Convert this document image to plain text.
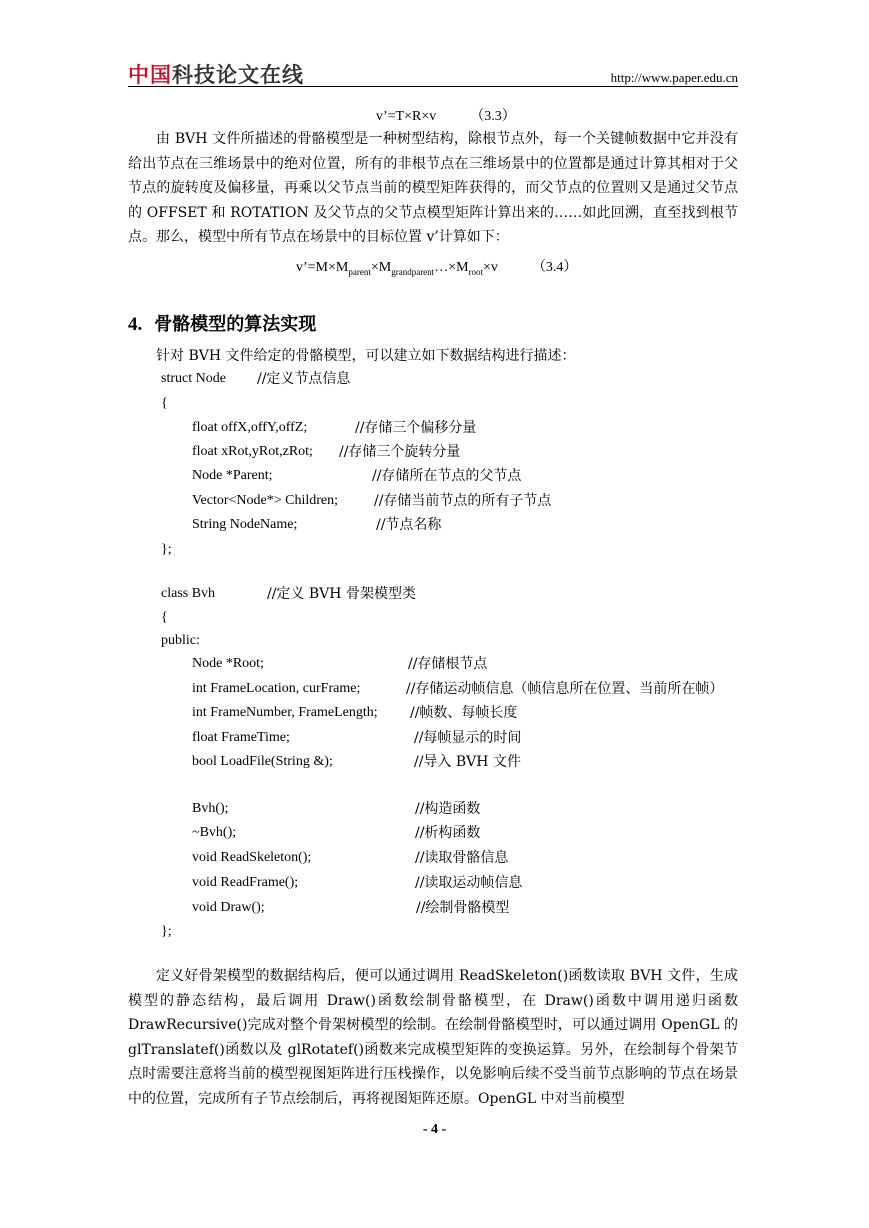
中国科技论文在线	http://www.paper.edu.cn
v’=T×R×v （3.3）
由 BVH 文件所描述的骨骼模型是一种树型结构，除根节点外，每一个关键帧数据中它并没有给出节点在三维场景中的绝对位置，所有的非根节点在三维场景中的位置都是通过计算其相对于父节点的旋转度及偏移量，再乘以父节点当前的模型矩阵获得的，而父节点的位置则又是通过父节点的 OFFSET 和 ROTATION 及父节点的父节点模型矩阵计算出来的……如此回溯，直至找到根节点。那么，模型中所有节点在场景中的目标位置 v’计算如下：
$v’=M\times M_{parent}\times M_{grandparent}\dots\times M_{root}\times v$ （3.4）
4. 骨骼模型的算法实现
针对 BVH 文件给定的骨骼模型，可以建立如下数据结构进行描述：
struct Node //定义节点信息
{
float offX,offY,offZ;	//存储三个偏移分量
float xRot,yRot,zRot; //存储三个旋转分量
Node *Parent;	//存储所在节点的父节点
Vector<Node*> Children;	//存储当前节点的所有子节点
String NodeName;	//节点名称
};
class Bvh	//定义 BVH 骨架模型类
{
public:
Node *Root;	//存储根节点
int FrameLocation, curFrame;	//存储运动帧信息（帧信息所在位置、当前所在帧）
int FrameNumber, FrameLength; //帧数、每帧长度
float FrameTime;	//每帧显示的时间
bool LoadFile(String &);	//导入 BVH 文件
Bvh();	//构造函数
~Bvh();	//析构函数
void ReadSkeleton();	//读取骨骼信息
void ReadFrame();	//读取运动帧信息
void Draw();	//绘制骨骼模型
};
定义好骨架模型的数据结构后，便可以通过调用 ReadSkeleton()函数读取 BVH 文件，生成模型的静态结构，最后调用 Draw()函数绘制骨骼模型，在 Draw()函数中调用递归函数 DrawRecursive()完成对整个骨架树模型的绘制。在绘制骨骼模型时，可以通过调用 OpenGL 的 glTranslatef()函数以及 glRotatef()函数来完成模型矩阵的变换运算。另外，在绘制每个骨架节点时需要注意将当前的模型视图矩阵进行压栈操作，以免影响后续不受当前节点影响的节点在场景中的位置，完成所有子节点绘制后，再将视图矩阵还原。OpenGL 中对当前模型
- 4 -
